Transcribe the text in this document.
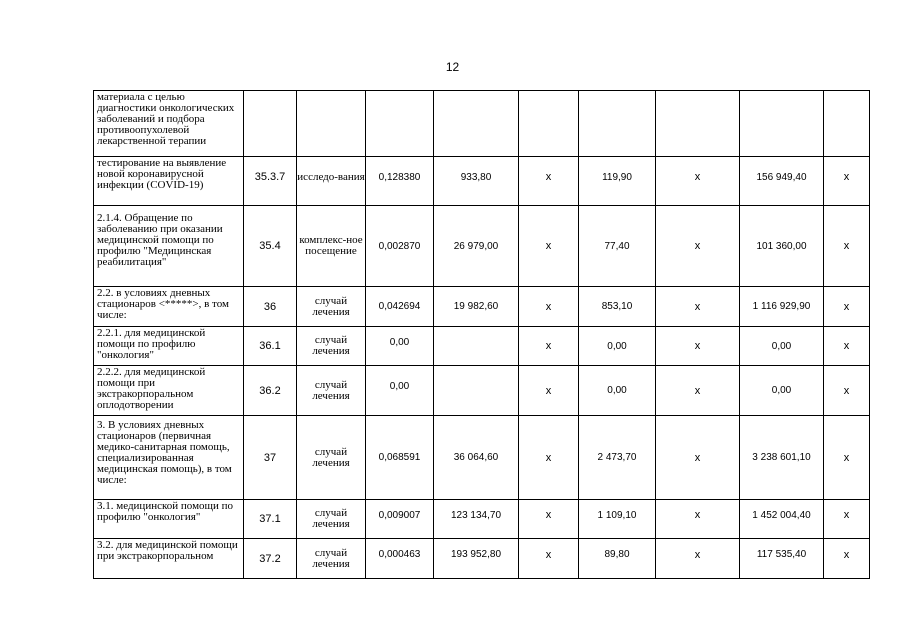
12
материала с целью диагностики онкологических заболеваний и подбора противоопухолевой лекарственной терапии									
тестирование на выявление новой коронавирусной инфекции (COVID-19)	35.3.7	исследо-вания	0,128380	933,80	х	119,90	х	156 949,40	х
2.1.4. Обращение по заболеванию при оказании медицинской помощи по профилю "Медицинская реабилитация"	35.4	комплекс-ное посещение	0,002870	26 979,00	х	77,40	х	101 360,00	х
2.2. в условиях дневных стационаров <*****>, в том числе:	36	случай лечения	0,042694	19 982,60	х	853,10	х	1 116 929,90	х
2.2.1. для медицинской помощи по профилю "онкология"	36.1	случай лечения	0,00		х	0,00	х	0,00	х
2.2.2. для медицинской помощи при экстракорпоральном оплодотворении	36.2	случай лечения	0,00		х	0,00	х	0,00	х
3. В условиях дневных стационаров (первичная медико-санитарная помощь, специализированная медицинская помощь), в том числе:	37	случай лечения	0,068591	36 064,60	х	2 473,70	х	3 238 601,10	х
3.1. медицинской помощи по профилю "онкология"	37.1	случай лечения	0,009007	123 134,70	х	1 109,10	х	1 452 004,40	х
3.2. для медицинской помощи при экстракорпоральном	37.2	случай лечения	0,000463	193 952,80	х	89,80	х	117 535,40	х
